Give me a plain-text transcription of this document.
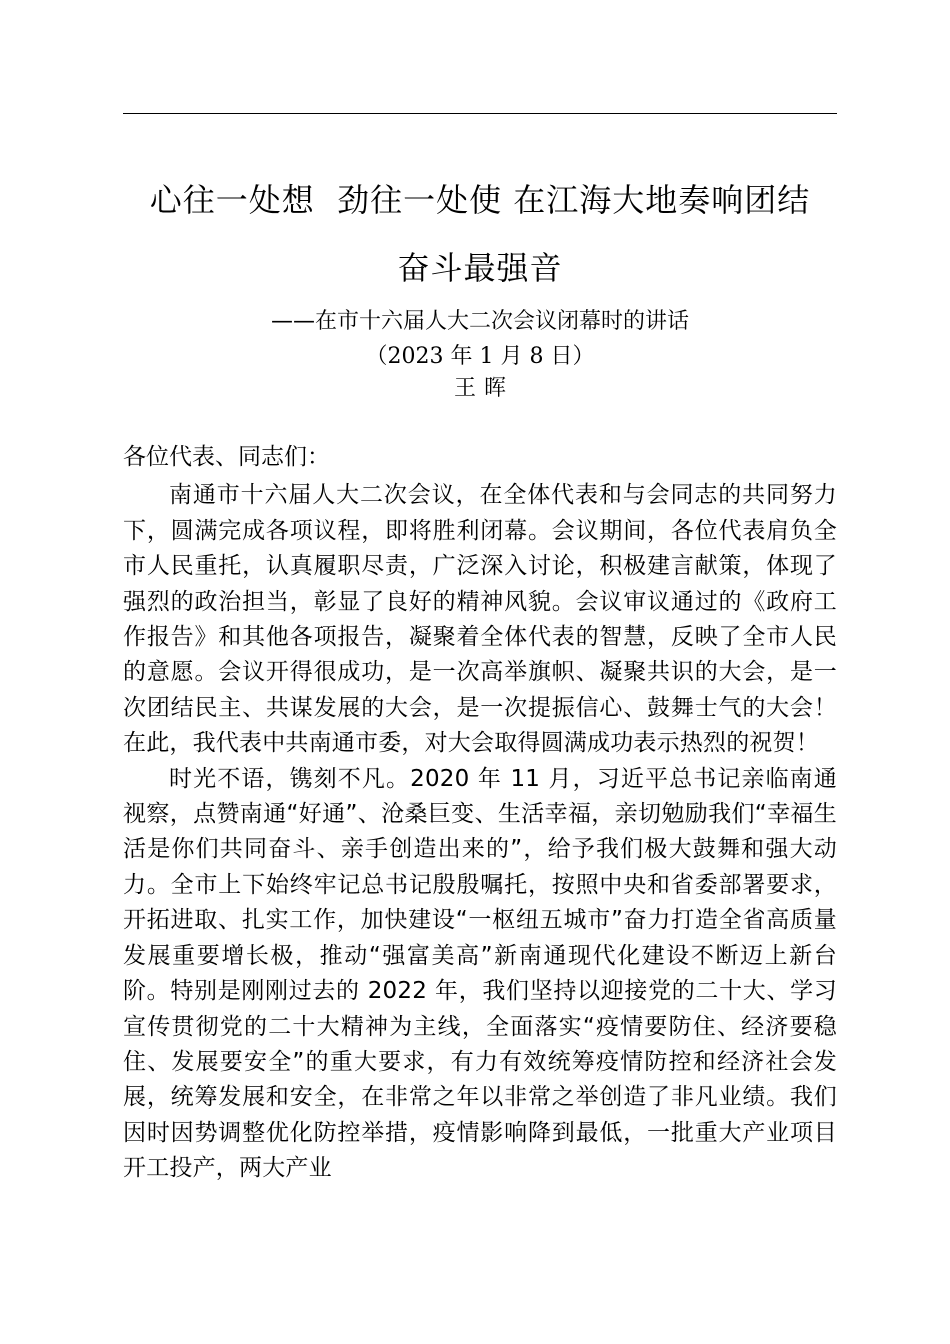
心往一处想  劲往一处使 在江海大地奏响团结
奋斗最强音
——在市十六届人大二次会议闭幕时的讲话
（2023 年 1 月 8 日）
王晖

各位代表、同志们：

南通市十六届人大二次会议，在全体代表和与会同志的共同努力下，圆满完成各项议程，即将胜利闭幕。会议期间，各位代表肩负全市人民重托，认真履职尽责，广泛深入讨论，积极建言献策，体现了强烈的政治担当，彰显了良好的精神风貌。会议审议通过的《政府工作报告》和其他各项报告，凝聚着全体代表的智慧，反映了全市人民的意愿。会议开得很成功，是一次高举旗帜、凝聚共识的大会，是一次团结民主、共谋发展的大会，是一次提振信心、鼓舞士气的大会！在此，我代表中共南通市委，对大会取得圆满成功表示热烈的祝贺！

时光不语，镌刻不凡。2020 年 11 月，习近平总书记亲临南通视察，点赞南通“好通”、沧桑巨变、生活幸福，亲切勉励我们“幸福生活是你们共同奋斗、亲手创造出来的”，给予我们极大鼓舞和强大动力。全市上下始终牢记总书记殷殷嘱托，按照中央和省委部署要求，开拓进取、扎实工作，加快建设“一枢纽五城市”奋力打造全省高质量发展重要增长极，推动“强富美高”新南通现代化建设不断迈上新台阶。特别是刚刚过去的 2022 年，我们坚持以迎接党的二十大、学习宣传贯彻党的二十大精神为主线，全面落实“疫情要防住、经济要稳住、发展要安全”的重大要求，有力有效统筹疫情防控和经济社会发展，统筹发展和安全，在非常之年以非常之举创造了非凡业绩。我们因时因势调整优化防控举措，疫情影响降到最低，一批重大产业项目开工投产，两大产业
